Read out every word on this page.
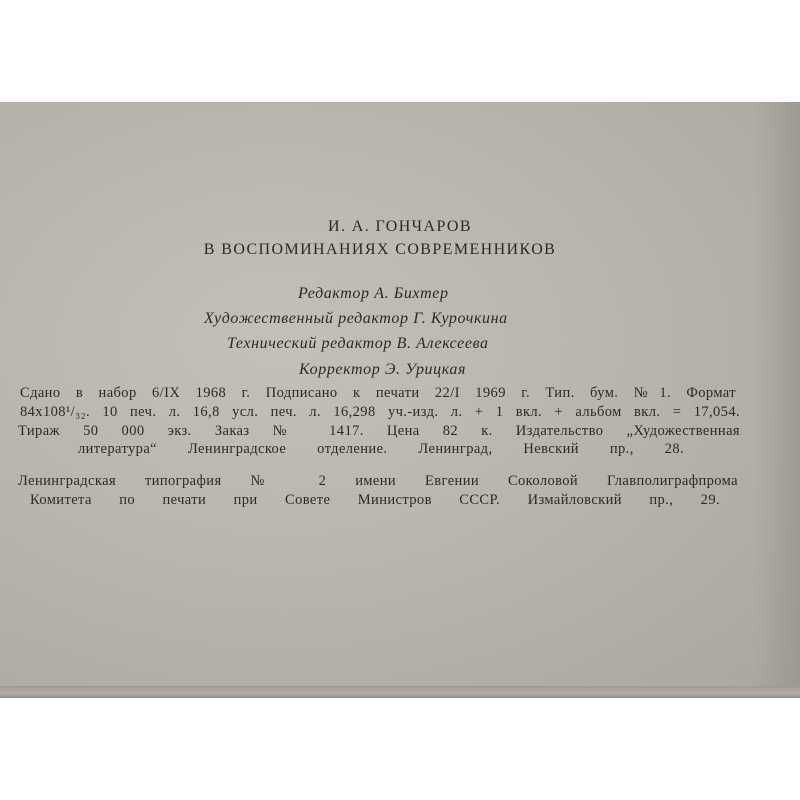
И. А. ГОНЧАРОВ
В ВОСПОМИНАНИЯХ СОВРЕМЕННИКОВ
Редактор А. Бихтер
Художественный редактор Г. Курочкина
Технический редактор В. Алексеева
Корректор Э. Урицкая
Сдано в набор 6/IX 1968 г. Подписано к печати 22/I 1969 г. Тип. бум. №1. Формат
84x108¹/₃₂. 10 печ. л. 16,8 усл. печ. л. 16,298 уч.-изд. л. + 1 вкл. + альбом вкл. = 17,054.
Тираж 50 000 экз. Заказ № 1417. Цена 82 к. Издательство „Художественная
литература“ Ленинградское отделение. Ленинград, Невский пр., 28.
Ленинградская типография № 2 имени Евгении Соколовой Главполиграфпрома
Комитета по печати при Совете Министров СССР. Измайловский пр., 29.
